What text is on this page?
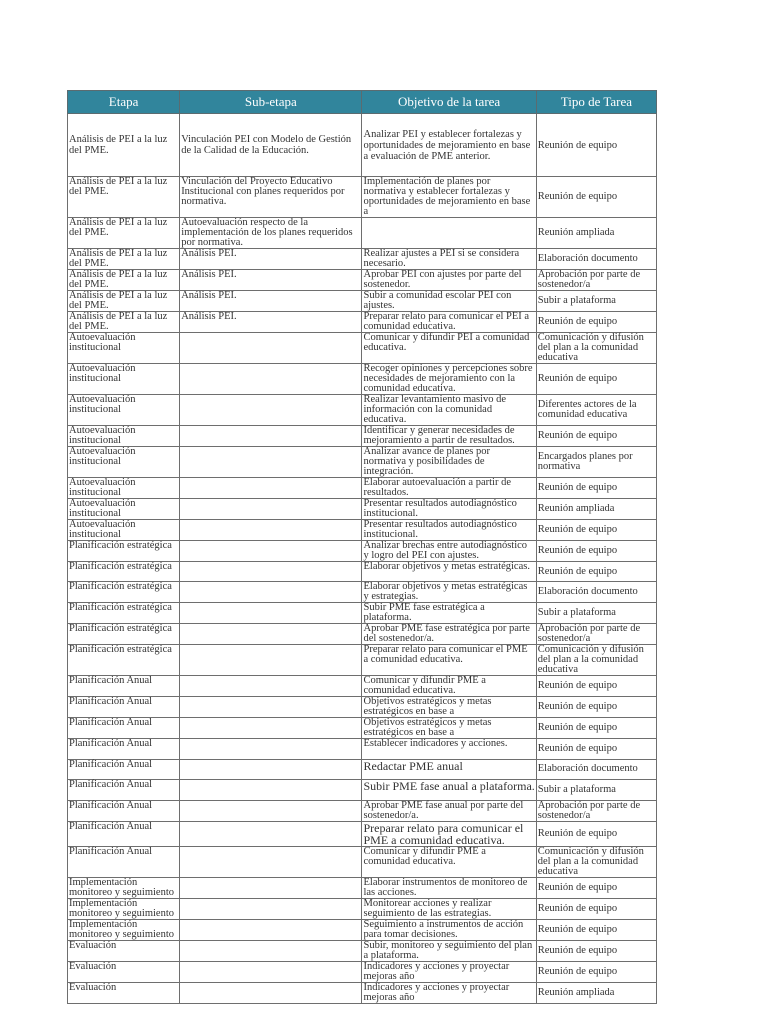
Etapa	Sub-etapa	Objetivo de la tarea	Tipo de Tarea
Análisis de PEI a la luz del PME.	Vinculación PEI con Modelo de Gestión de la Calidad de la Educación.	Analizar PEI y establecer fortalezas y oportunidades de mejoramiento en base a evaluación de PME anterior.	Reunión de equipo
Análisis de PEI a la luz del PME.	Vinculación del Proyecto Educativo Institucional con planes requeridos por normativa.	Implementación de planes por normativa y establecer fortalezas y oportunidades de mejoramiento en base a	Reunión de equipo
Análisis de PEI a la luz del PME.	Autoevaluación respecto de la implementación de los planes requeridos por normativa.		Reunión ampliada
Análisis de PEI a la luz del PME.	Análisis PEI.	Realizar ajustes a PEI si se considera necesario.	Elaboración documento
Análisis de PEI a la luz del PME.	Análisis PEI.	Aprobar PEI con ajustes por parte del sostenedor.	Aprobación por parte de sostenedor/a
Análisis de PEI a la luz del PME.	Análisis PEI.	Subir a comunidad escolar PEI con ajustes.	Subir a plataforma
Análisis de PEI a la luz del PME.	Análisis PEI.	Preparar relato para comunicar el PEI a comunidad educativa.	Reunión de equipo
Autoevaluación institucional		Comunicar y difundir PEI a comunidad educativa.	Comunicación y difusión del plan a la comunidad educativa
Autoevaluación institucional		Recoger opiniones y percepciones sobre necesidades de mejoramiento con la comunidad educativa.	Reunión de equipo
Autoevaluación institucional		Realizar levantamiento masivo de información con la comunidad educativa.	Diferentes actores de la comunidad educativa
Autoevaluación institucional		Identificar y generar necesidades de mejoramiento a partir de resultados.	Reunión de equipo
Autoevaluación institucional		Analizar avance de planes por normativa y posibilidades de integración.	Encargados planes por normativa
Autoevaluación institucional		Elaborar autoevaluación a partir de resultados.	Reunión de equipo
Autoevaluación institucional		Presentar resultados autodiagnóstico institucional.	Reunión ampliada
Autoevaluación institucional		Presentar resultados autodiagnóstico institucional.	Reunión de equipo
Planificación estratégica		Analizar brechas entre autodiagnóstico y logro del PEI con ajustes.	Reunión de equipo
Planificación estratégica		Elaborar objetivos y metas estratégicas.	Reunión de equipo
Planificación estratégica		Elaborar objetivos y metas estratégicas y estrategias.	Elaboración documento
Planificación estratégica		Subir PME fase estratégica a plataforma.	Subir a plataforma
Planificación estratégica		Aprobar PME fase estratégica por parte del sostenedor/a.	Aprobación por parte de sostenedor/a
Planificación estratégica		Preparar relato para comunicar el PME a comunidad educativa.	Comunicación y difusión del plan a la comunidad educativa
Planificación Anual		Comunicar y difundir PME a comunidad educativa.	Reunión de equipo
Planificación Anual		Objetivos estratégicos y metas estratégicos en base a	Reunión de equipo
Planificación Anual		Objetivos estratégicos y metas estratégicos en base a	Reunión de equipo
Planificación Anual		Establecer indicadores y acciones.	Reunión de equipo
Planificación Anual		Redactar PME anual	Elaboración documento
Planificación Anual		Subir PME fase anual a plataforma.	Subir a plataforma
Planificación Anual		Aprobar PME fase anual por parte del sostenedor/a.	Aprobación por parte de sostenedor/a
Planificación Anual		Preparar relato para comunicar el PME a comunidad educativa.	Reunión de equipo
Planificación Anual		Comunicar y difundir PME a comunidad educativa.	Comunicación y difusión del plan a la comunidad educativa
Implementación monitoreo y seguimiento		Elaborar instrumentos de monitoreo de las acciones.	Reunión de equipo
Implementación monitoreo y seguimiento		Monitorear acciones y realizar seguimiento de las estrategias.	Reunión de equipo
Implementación monitoreo y seguimiento		Seguimiento a instrumentos de acción para tomar decisiones.	Reunión de equipo
Evaluación		Subir, monitoreo y seguimiento del plan a plataforma.	Reunión de equipo
Evaluación		Indicadores y acciones y proyectar mejoras año	Reunión de equipo
Evaluación		Indicadores y acciones y proyectar mejoras año	Reunión ampliada
